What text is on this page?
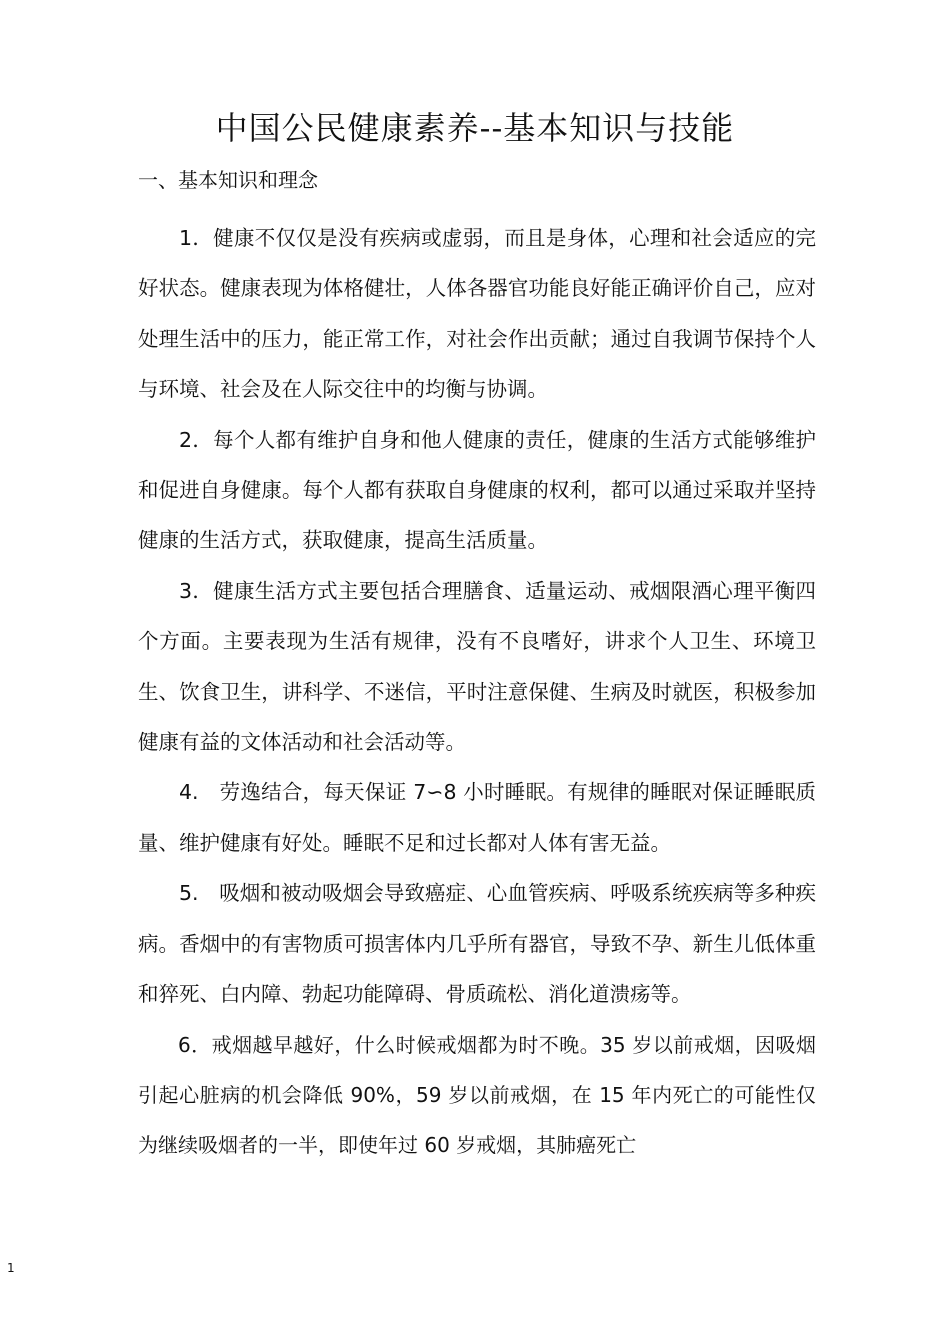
中国公民健康素养--基本知识与技能
一、基本知识和理念

1．健康不仅仅是没有疾病或虚弱，而且是身体，心理和社会适应的完好状态。健康表现为体格健壮，人体各器官功能良好能正确评价自己，应对处理生活中的压力，能正常工作，对社会作出贡献；通过自我调节保持个人与环境、社会及在人际交往中的均衡与协调。

2．每个人都有维护自身和他人健康的责任，健康的生活方式能够维护和促进自身健康。每个人都有获取自身健康的权利，都可以通过采取并坚持健康的生活方式，获取健康，提高生活质量。

3．健康生活方式主要包括合理膳食、适量运动、戒烟限酒心理平衡四个方面。主要表现为生活有规律，没有不良嗜好，讲求个人卫生、环境卫生、饮食卫生，讲科学、不迷信，平时注意保健、生病及时就医，积极参加健康有益的文体活动和社会活动等。

4.　劳逸结合，每天保证 7∽8 小时睡眠。有规律的睡眠对保证睡眠质量、维护健康有好处。睡眠不足和过长都对人体有害无益。

5.　吸烟和被动吸烟会导致癌症、心血管疾病、呼吸系统疾病等多种疾病。香烟中的有害物质可损害体内几乎所有器官，导致不孕、新生儿低体重和猝死、白内障、勃起功能障碍、骨质疏松、消化道溃疡等。

6．戒烟越早越好，什么时候戒烟都为时不晚。35 岁以前戒烟，因吸烟引起心脏病的机会降低 90%，59 岁以前戒烟，在 15 年内死亡的可能性仅为继续吸烟者的一半，即使年过 60 岁戒烟，其肺癌死亡

1
